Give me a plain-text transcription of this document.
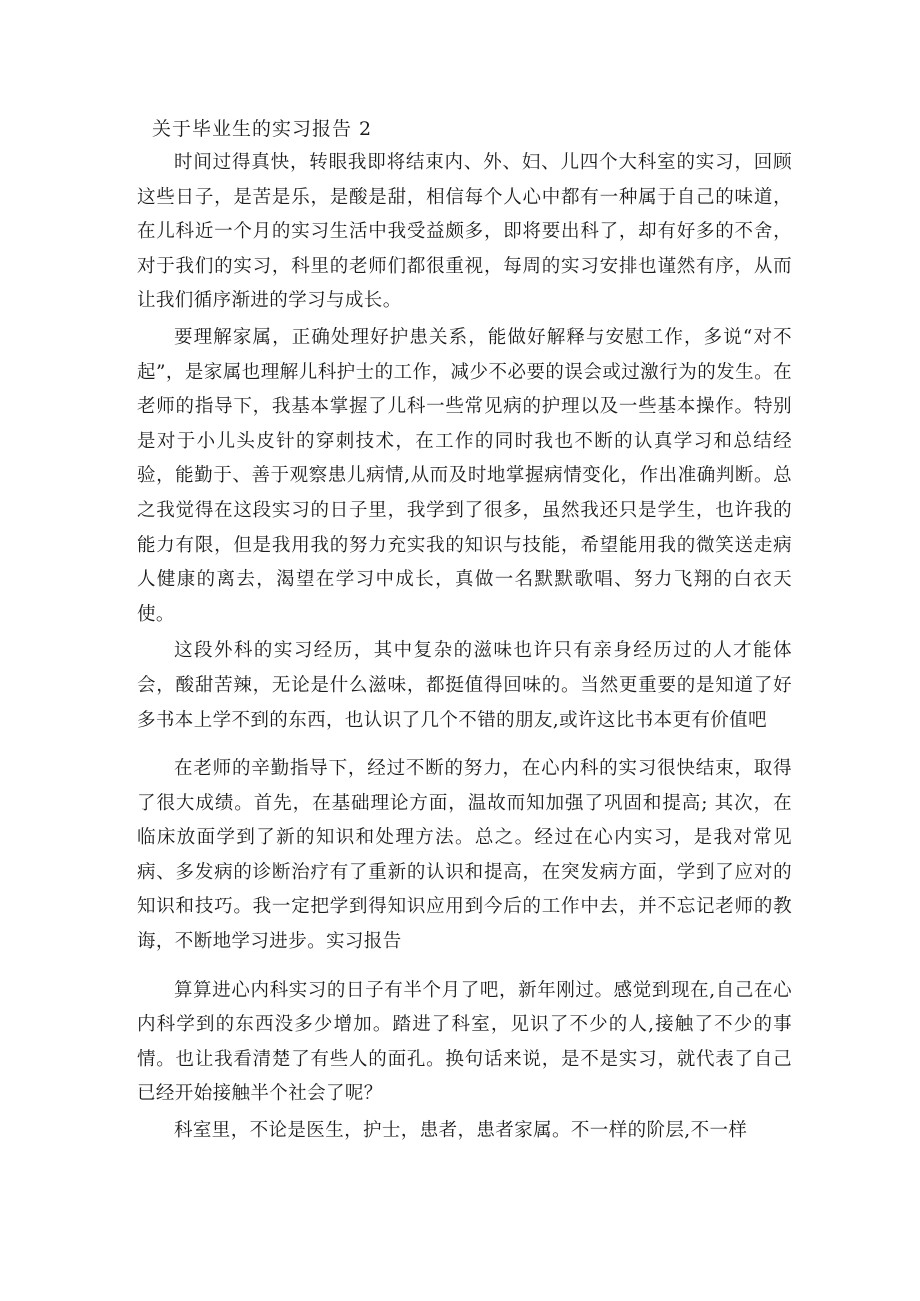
关于毕业生的实习报告 2

时间过得真快，转眼我即将结束内、外、妇、儿四个大科室的实习，回顾这些日子，是苦是乐，是酸是甜，相信每个人心中都有一种属于自己的味道，在儿科近一个月的实习生活中我受益颇多，即将要出科了，却有好多的不舍，对于我们的实习，科里的老师们都很重视，每周的实习安排也谨然有序，从而让我们循序渐进的学习与成长。

要理解家属，正确处理好护患关系，能做好解释与安慰工作，多说“对不起”，是家属也理解儿科护士的工作，减少不必要的误会或过激行为的发生。在老师的指导下，我基本掌握了儿科一些常见病的护理以及一些基本操作。特别是对于小儿头皮针的穿刺技术，在工作的同时我也不断的认真学习和总结经验，能勤于、善于观察患儿病情,从而及时地掌握病情变化，作出准确判断。总之我觉得在这段实习的日子里，我学到了很多，虽然我还只是学生，也许我的能力有限，但是我用我的努力充实我的知识与技能，希望能用我的微笑送走病人健康的离去，渴望在学习中成长，真做一名默默歌唱、努力飞翔的白衣天使。

这段外科的实习经历，其中复杂的滋味也许只有亲身经历过的人才能体会，酸甜苦辣，无论是什么滋味，都挺值得回味的。当然更重要的是知道了好多书本上学不到的东西，也认识了几个不错的朋友,或许这比书本更有价值吧

在老师的辛勤指导下，经过不断的努力，在心内科的实习很快结束，取得了很大成绩。首先，在基础理论方面，温故而知加强了巩固和提高; 其次，在临床放面学到了新的知识和处理方法。总之。经过在心内实习，是我对常见病、多发病的诊断治疗有了重新的认识和提高，在突发病方面，学到了应对的知识和技巧。我一定把学到得知识应用到今后的工作中去，并不忘记老师的教诲，不断地学习进步。实习报告

算算进心内科实习的日子有半个月了吧，新年刚过。感觉到现在,自己在心内科学到的东西没多少增加。踏进了科室，见识了不少的人,接触了不少的事情。也让我看清楚了有些人的面孔。换句话来说，是不是实习，就代表了自己已经开始接触半个社会了呢？

科室里，不论是医生，护士，患者，患者家属。不一样的阶层,不一样
